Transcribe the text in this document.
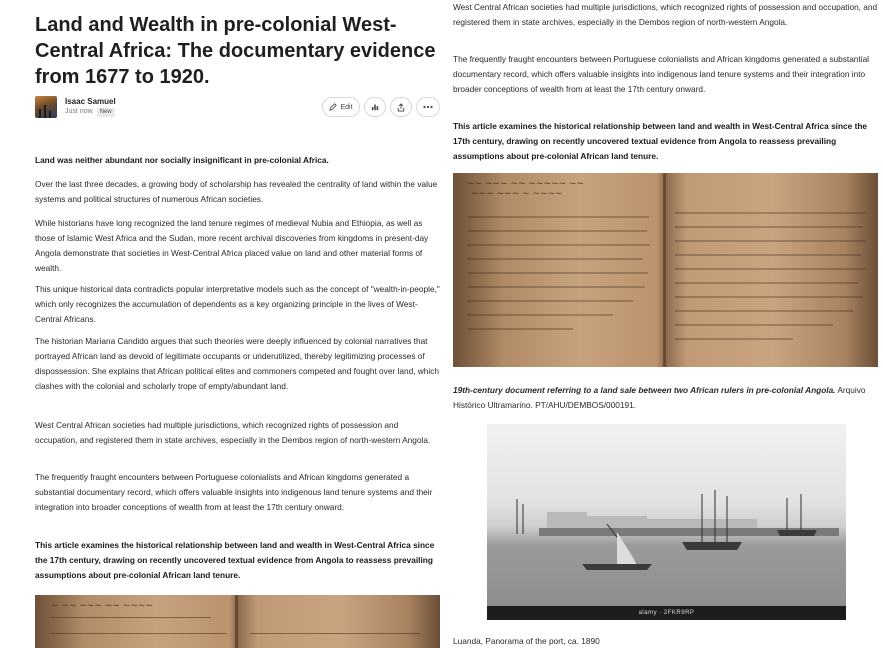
Land and Wealth in pre-colonial West-Central Africa: The documentary evidence from 1677 to 1920.
Isaac Samuel
Just now New
Edit

Land was neither abundant nor socially insignificant in pre-colonial Africa.

Over the last three decades, a growing body of scholarship has revealed the centrality of land within the value systems and political structures of numerous African societies.

While historians have long recognized the land tenure regimes of medieval Nubia and Ethiopia, as well as those of Islamic West Africa and the Sudan, more recent archival discoveries from kingdoms in present-day Angola demonstrate that societies in West-Central Africa placed value on land and other material forms of wealth.

This unique historical data contradicts popular interpretative models such as the concept of "wealth-in-people," which only recognizes the accumulation of dependents as a key organizing principle in the lives of West-Central Africans.

The historian Mariana Candido argues that such theories were deeply influenced by colonial narratives that portrayed African land as devoid of legitimate occupants or underutilized, thereby legitimizing processes of dispossession. She explains that African political elites and commoners competed and fought over land, which clashes with the colonial and scholarly trope of empty/abundant land.

West Central African societies had multiple jurisdictions, which recognized rights of possession and occupation, and registered them in state archives, especially in the Dembos region of north-western Angola.

The frequently fraught encounters between Portuguese colonialists and African kingdoms generated a substantial documentary record, which offers valuable insights into indigenous land tenure systems and their integration into broader conceptions of wealth from at least the 17th century onward.

This article examines the historical relationship between land and wealth in West-Central Africa since the 17th century, drawing on recently uncovered textual evidence from Angola to reassess prevailing assumptions about pre-colonial African land tenure.

~ ~~ ~~~ ~~ ~~~~

West Central African societies had multiple jurisdictions, which recognized rights of possession and occupation, and registered them in state archives, especially in the Dembos region of north-western Angola.

The frequently fraught encounters between Portuguese colonialists and African kingdoms generated a substantial documentary record, which offers valuable insights into indigenous land tenure systems and their integration into broader conceptions of wealth from at least the 17th century onward.

This article examines the historical relationship between land and wealth in West-Central Africa since the 17th century, drawing on recently uncovered textual evidence from Angola to reassess prevailing assumptions about pre-colonial African land tenure.

~~ ~~~ ~~ ~~~~~ ~~
~~~ ~~~ ~ ~~~~
19th-century document referring to a land sale between two African rulers in pre-colonial Angola. Arquivo Histórico Ultramarino. PT/AHU/DEMBOS/000191.
alamy · 2FKR9RP
Luanda, Panorama of the port, ca. 1890
